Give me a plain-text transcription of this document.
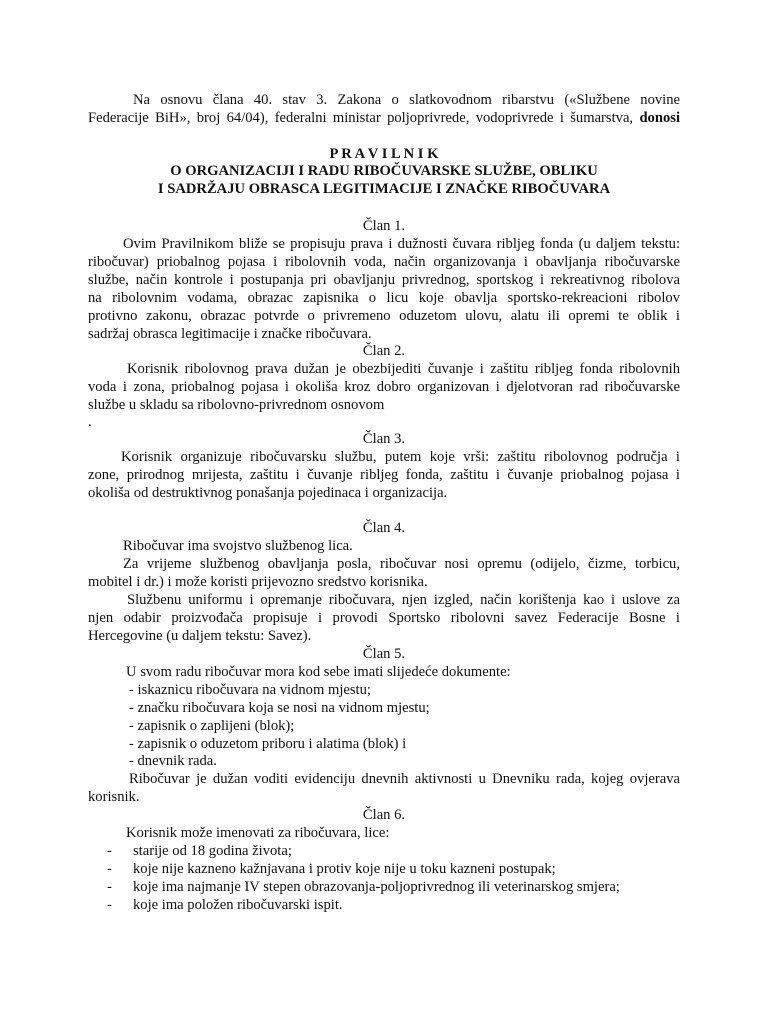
Na osnovu člana 40. stav 3. Zakona o slatkovodnom ribarstvu («Službene novine

Federacije BiH», broj 64/04), federalni ministar poljoprivrede, vodoprivrede i šumarstva, donosi

P R A V I L N I K

O ORGANIZACIJI I RADU RIBOČUVARSKE SLUŽBE, OBLIKU

I SADRŽAJU OBRASCA LEGITIMACIJE I ZNAČKE RIBOČUVARA

Član 1.

Ovim Pravilnikom bliže se propisuju prava i dužnosti čuvara ribljeg fonda (u daljem tekstu:

ribočuvar) priobalnog pojasa i ribolovnih voda, način organizovanja i obavljanja ribočuvarske

službe, način kontrole i postupanja pri obavljanju privrednog, sportskog i rekreativnog ribolova

na ribolovnim vodama, obrazac zapisnika o licu koje obavlja sportsko-rekreacioni ribolov

protivno zakonu, obrazac potvrde o privremeno oduzetom ulovu, alatu ili opremi te oblik i

sadržaj obrasca legitimacije i značke ribočuvara.

Član 2.

Korisnik ribolovnog prava dužan je obezbijediti čuvanje i zaštitu ribljeg fonda ribolovnih

voda i zona, priobalnog pojasa i okoliša kroz dobro organizovan i djelotvoran rad ribočuvarske

službe u skladu sa ribolovno-privrednom osnovom

.

Član 3.

Korisnik organizuje ribočuvarsku službu, putem koje vrši: zaštitu ribolovnog područja i

zone, prirodnog mrijesta, zaštitu i čuvanje ribljeg fonda, zaštitu i čuvanje priobalnog pojasa i

okoliša od destruktivnog ponašanja pojedinaca i organizacija.

Član 4.

Ribočuvar ima svojstvo službenog lica.

Za vrijeme službenog obavljanja posla, ribočuvar nosi opremu (odijelo, čizme, torbicu,

mobitel i dr.) i može koristi prijevozno sredstvo korisnika.

Službenu uniformu i opremanje ribočuvara, njen izgled, način korištenja kao i uslove za

njen odabir proizvođača propisuje i provodi Sportsko ribolovni savez Federacije Bosne i

Hercegovine (u daljem tekstu: Savez).

Član 5.

U svom radu ribočuvar mora kod sebe imati slijedeće dokumente:

- iskaznicu ribočuvara na vidnom mjestu;

- značku ribočuvara koja se nosi na vidnom mjestu;

- zapisnik o zaplijeni (blok);

- zapisnik o oduzetom priboru i alatima (blok) i

- dnevnik rada.

Ribočuvar je dužan voditi evidenciju dnevnih aktivnosti u Dnevniku rada, kojeg ovjerava

korisnik.

Član 6.

Korisnik može imenovati za ribočuvara, lice:

-	starije od 18 godina života;

-	koje nije kazneno kažnjavana i protiv koje nije u toku kazneni postupak;

-	koje ima najmanje IV stepen obrazovanja-poljoprivrednog ili veterinarskog smjera;

-	koje ima položen ribočuvarski ispit.
